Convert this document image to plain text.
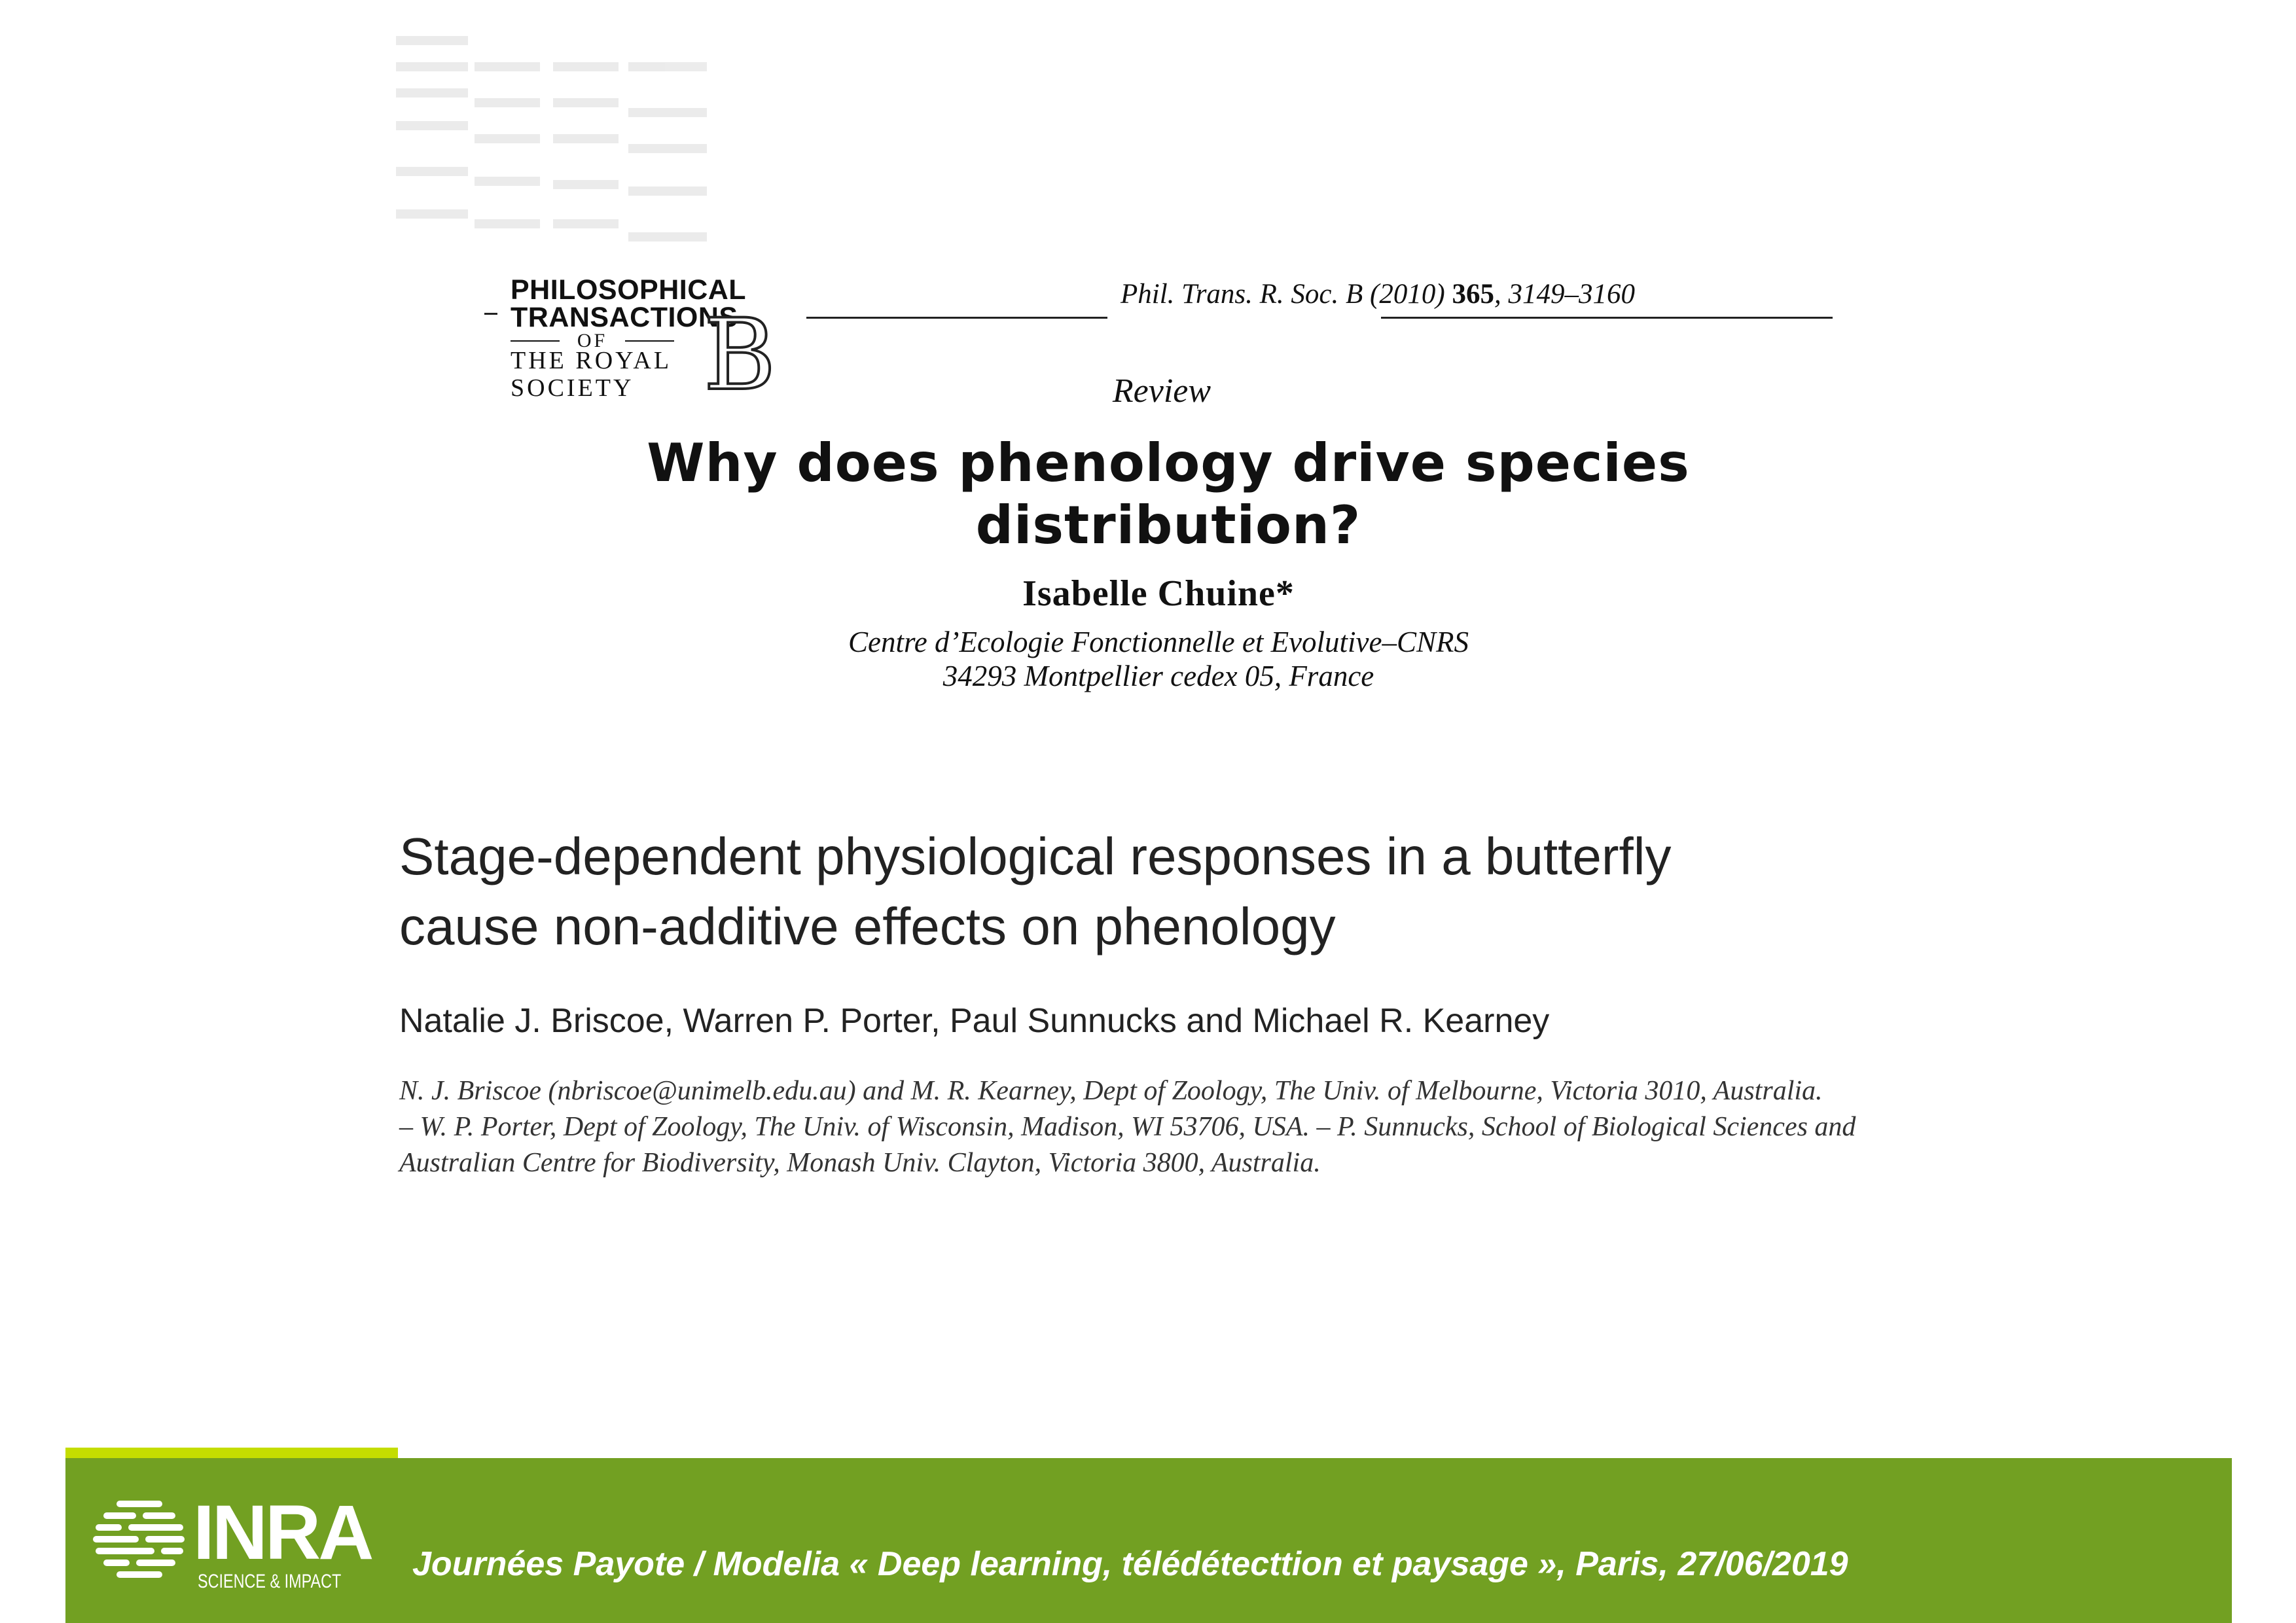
PHILOSOPHICAL
TRANSACTIONS
OF
THE ROYAL
SOCIETY B
Phil. Trans. R. Soc. B (2010) 365, 3149–3160
Review
Why does phenology drive species distribution?
Isabelle Chuine*
Centre d’Ecologie Fonctionnelle et Evolutive–CNRS
34293 Montpellier cedex 05, France
Stage-dependent physiological responses in a butterfly
cause non-additive effects on phenology
Natalie J. Briscoe, Warren P. Porter, Paul Sunnucks and Michael R. Kearney
N. J. Briscoe (nbriscoe@unimelb.edu.au) and M. R. Kearney, Dept of Zoology, The Univ. of Melbourne, Victoria 3010, Australia.
– W. P. Porter, Dept of Zoology, The Univ. of Wisconsin, Madison, WI 53706, USA. – P. Sunnucks, School of Biological Sciences and
Australian Centre for Biodiversity, Monash Univ. Clayton, Victoria 3800, Australia.
INRA
SCIENCE & IMPACT Journées Payote / Modelia « Deep learning, télédétecttion et paysage », Paris, 27/06/2019
